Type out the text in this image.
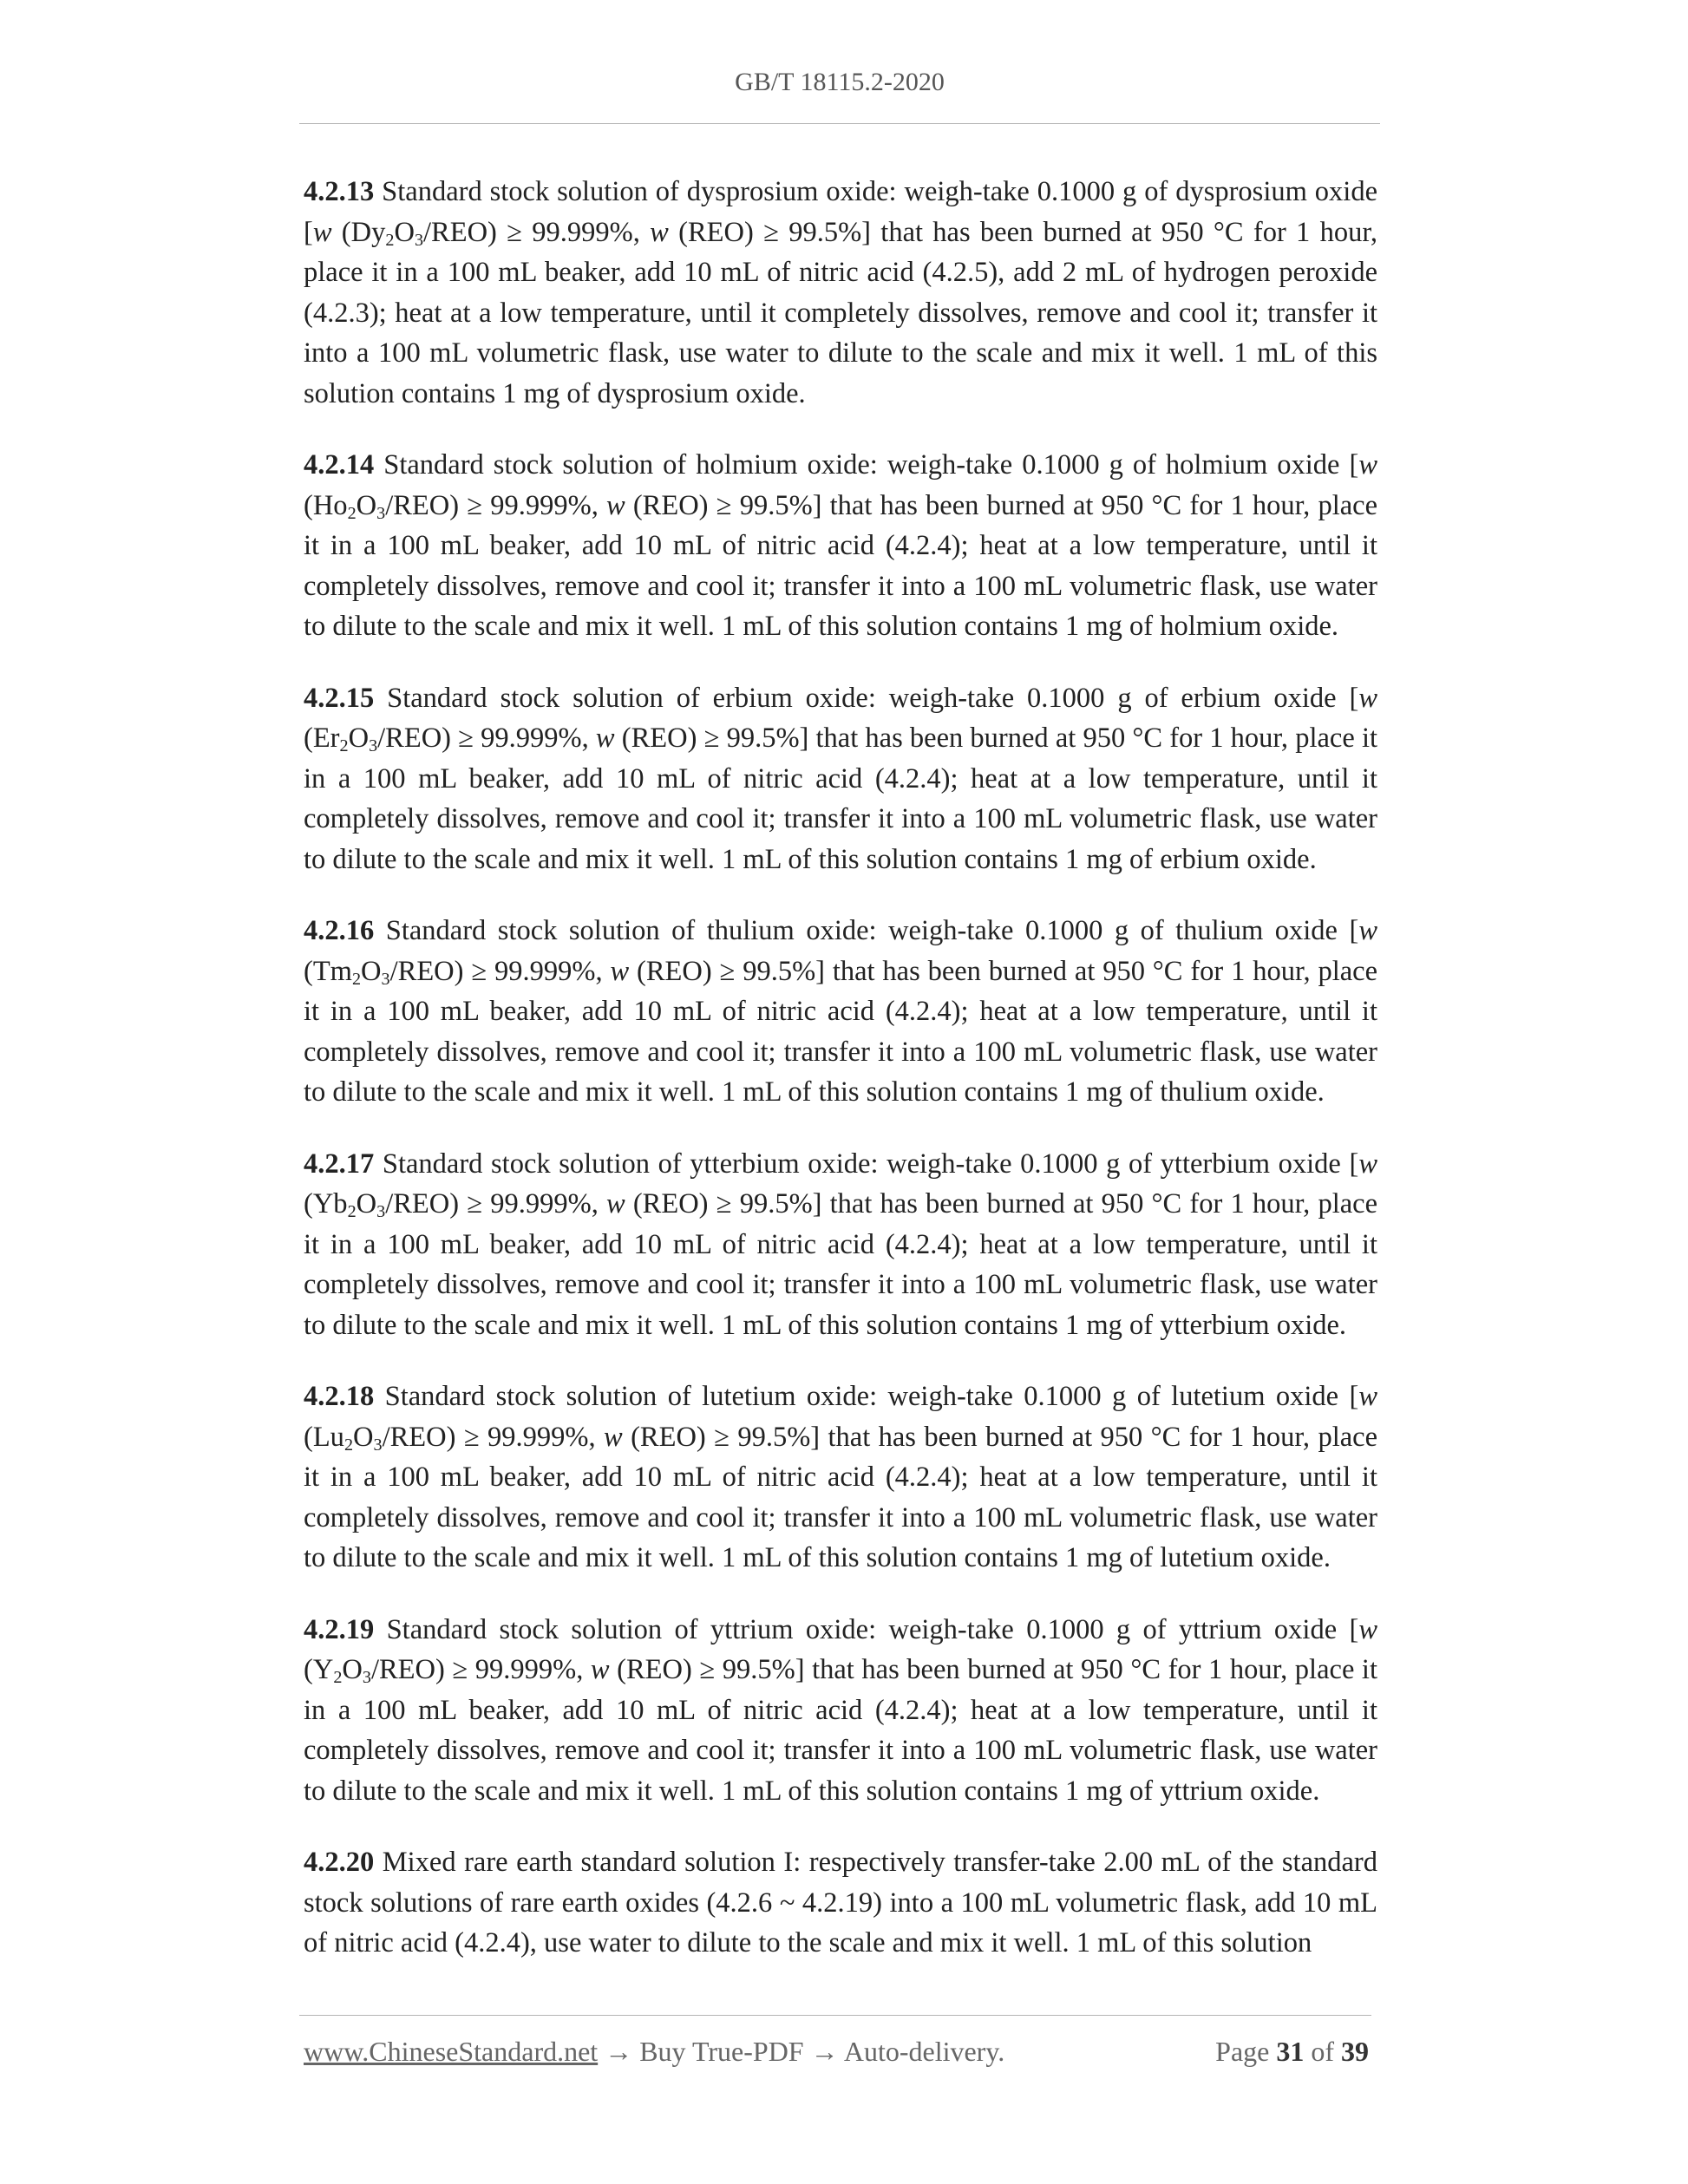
GB/T 18115.2-2020

4.2.13 Standard stock solution of dysprosium oxide: weigh-take 0.1000 g of dysprosium oxide [w $(Dy_2O_3/REO) \ge 99.999\%$, w (REO) ≥ 99.5%] that has been burned at 950 °C for 1 hour, place it in a 100 mL beaker, add 10 mL of nitric acid (4.2.5), add 2 mL of hydrogen peroxide (4.2.3); heat at a low temperature, until it completely dissolves, remove and cool it; transfer it into a 100 mL volumetric flask, use water to dilute to the scale and mix it well. 1 mL of this solution contains 1 mg of dysprosium oxide.

4.2.14 Standard stock solution of holmium oxide: weigh-take 0.1000 g of holmium oxide [w $(Ho_2O_3/REO) \ge 99.999\%$, w (REO) ≥ 99.5%] that has been burned at 950 °C for 1 hour, place it in a 100 mL beaker, add 10 mL of nitric acid (4.2.4); heat at a low temperature, until it completely dissolves, remove and cool it; transfer it into a 100 mL volumetric flask, use water to dilute to the scale and mix it well. 1 mL of this solution contains 1 mg of holmium oxide.

4.2.15 Standard stock solution of erbium oxide: weigh-take 0.1000 g of erbium oxide [w $(Er_2O_3/REO) \ge 99.999\%$, w (REO) ≥ 99.5%] that has been burned at 950 °C for 1 hour, place it in a 100 mL beaker, add 10 mL of nitric acid (4.2.4); heat at a low temperature, until it completely dissolves, remove and cool it; transfer it into a 100 mL volumetric flask, use water to dilute to the scale and mix it well. 1 mL of this solution contains 1 mg of erbium oxide.

4.2.16 Standard stock solution of thulium oxide: weigh-take 0.1000 g of thulium oxide [w $(Tm_2O_3/REO) \ge 99.999\%$, w (REO) ≥ 99.5%] that has been burned at 950 °C for 1 hour, place it in a 100 mL beaker, add 10 mL of nitric acid (4.2.4); heat at a low temperature, until it completely dissolves, remove and cool it; transfer it into a 100 mL volumetric flask, use water to dilute to the scale and mix it well. 1 mL of this solution contains 1 mg of thulium oxide.

4.2.17 Standard stock solution of ytterbium oxide: weigh-take 0.1000 g of ytterbium oxide [w $(Yb_2O_3/REO) \ge 99.999\%$, w (REO) ≥ 99.5%] that has been burned at 950 °C for 1 hour, place it in a 100 mL beaker, add 10 mL of nitric acid (4.2.4); heat at a low temperature, until it completely dissolves, remove and cool it; transfer it into a 100 mL volumetric flask, use water to dilute to the scale and mix it well. 1 mL of this solution contains 1 mg of ytterbium oxide.

4.2.18 Standard stock solution of lutetium oxide: weigh-take 0.1000 g of lutetium oxide [w $(Lu_2O_3/REO) \ge 99.999\%$, w (REO) ≥ 99.5%] that has been burned at 950 °C for 1 hour, place it in a 100 mL beaker, add 10 mL of nitric acid (4.2.4); heat at a low temperature, until it completely dissolves, remove and cool it; transfer it into a 100 mL volumetric flask, use water to dilute to the scale and mix it well. 1 mL of this solution contains 1 mg of lutetium oxide.

4.2.19 Standard stock solution of yttrium oxide: weigh-take 0.1000 g of yttrium oxide [w $(Y_2O_3/REO) \ge 99.999\%$, w (REO) ≥ 99.5%] that has been burned at 950 °C for 1 hour, place it in a 100 mL beaker, add 10 mL of nitric acid (4.2.4); heat at a low temperature, until it completely dissolves, remove and cool it; transfer it into a 100 mL volumetric flask, use water to dilute to the scale and mix it well. 1 mL of this solution contains 1 mg of yttrium oxide.

4.2.20 Mixed rare earth standard solution I: respectively transfer-take 2.00 mL of the standard stock solutions of rare earth oxides (4.2.6 ~ 4.2.19) into a 100 mL volumetric flask, add 10 mL of nitric acid (4.2.4), use water to dilute to the scale and mix it well. 1 mL of this solution

www.ChineseStandard.net → Buy True-PDF → Auto-delivery.	Page 31 of 39
